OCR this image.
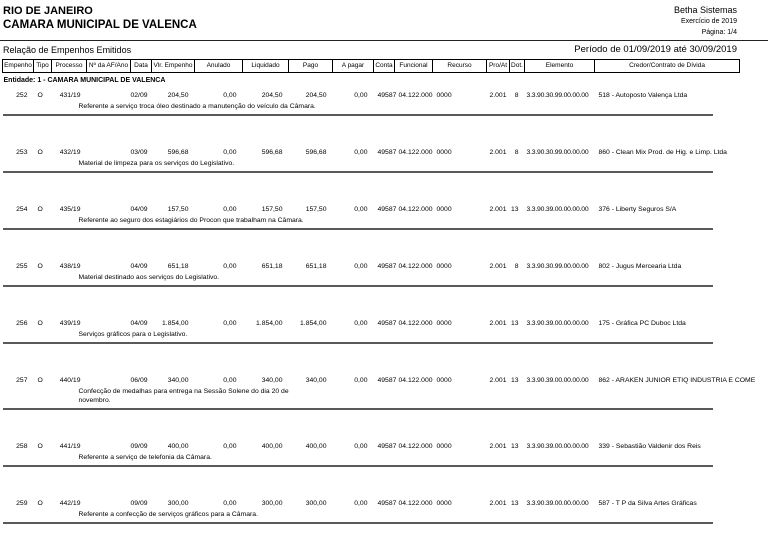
RIO DE JANEIRO
CAMARA MUNICIPAL DE VALENCA
Betha Sistemas
Exercício de 2019
Página: 1/4
Relação de Empenhos Emitidos	Período de 01/09/2019 até 30/09/2019
Empenho	Tipo	Processo	Nº da AF/Ano	Data	Vlr. Empenho	Anulado	Liquidado	Pago	A pagar	Conta	Funcional	Recurso	Pro/At	Dot.	Elemento	Credor/Contrato de Dívida
Entidade: 1 - CAMARA MUNICIPAL DE VALENCA																
252	O	431/19		02/09	204,50	0,00	204,50	204,50	0,00	49587	04.122.000	0000	2.001	8	3.3.90.30.99.00.00.00	518 - Autoposto Valença Ltda

Referente a serviço troca óleo destinado a manutenção do veículo da Câmara.																

253	O	432/19		03/09	596,68	0,00	596,68	596,68	0,00	49587	04.122.000	0000	2.001	8	3.3.90.30.99.00.00.00	860 - Clean Mix Prod. de Hig. e Limp. Ltda

Material de limpeza para os serviços do Legislativo.																

254	O	435/19		04/09	157,50	0,00	157,50	157,50	0,00	49587	04.122.000	0000	2.001	13	3.3.90.39.00.00.00.00	376 - Liberty Seguros S/A

Referente ao seguro dos estagiários do Procon que trabalham na Câmara.																

255	O	438/19		04/09	651,18	0,00	651,18	651,18	0,00	49587	04.122.000	0000	2.001	8	3.3.90.30.99.00.00.00	802 - Jugus Mercearia Ltda

Material destinado aos serviços do Legislativo.																

256	O	439/19		04/09	1.854,00	0,00	1.854,00	1.854,00	0,00	49587	04.122.000	0000	2.001	13	3.3.90.39.00.00.00.00	175 - Gráfica PC Duboc Ltda

Serviços gráficos para o Legislativo.																

257	O	440/19		06/09	340,00	0,00	340,00	340,00	0,00	49587	04.122.000	0000	2.001	13	3.3.90.39.00.00.00.00	862 - ARAKEN JUNIOR ETIQ INDUSTRIA E COME

Confecção de medalhas para entrega na Sessão Solene do dia 20 de
novembro.																

258	O	441/19		09/09	400,00	0,00	400,00	400,00	0,00	49587	04.122.000	0000	2.001	13	3.3.90.39.00.00.00.00	339 - Sebastião Valdenir dos Reis

Referente a serviço de telefonia da Câmara.																

259	O	442/19		09/09	300,00	0,00	300,00	300,00	0,00	49587	04.122.000	0000	2.001	13	3.3.90.39.00.00.00.00	587 - T P da Silva Artes Gráficas

Referente a confecção de serviços gráficos para a Câmara.																
